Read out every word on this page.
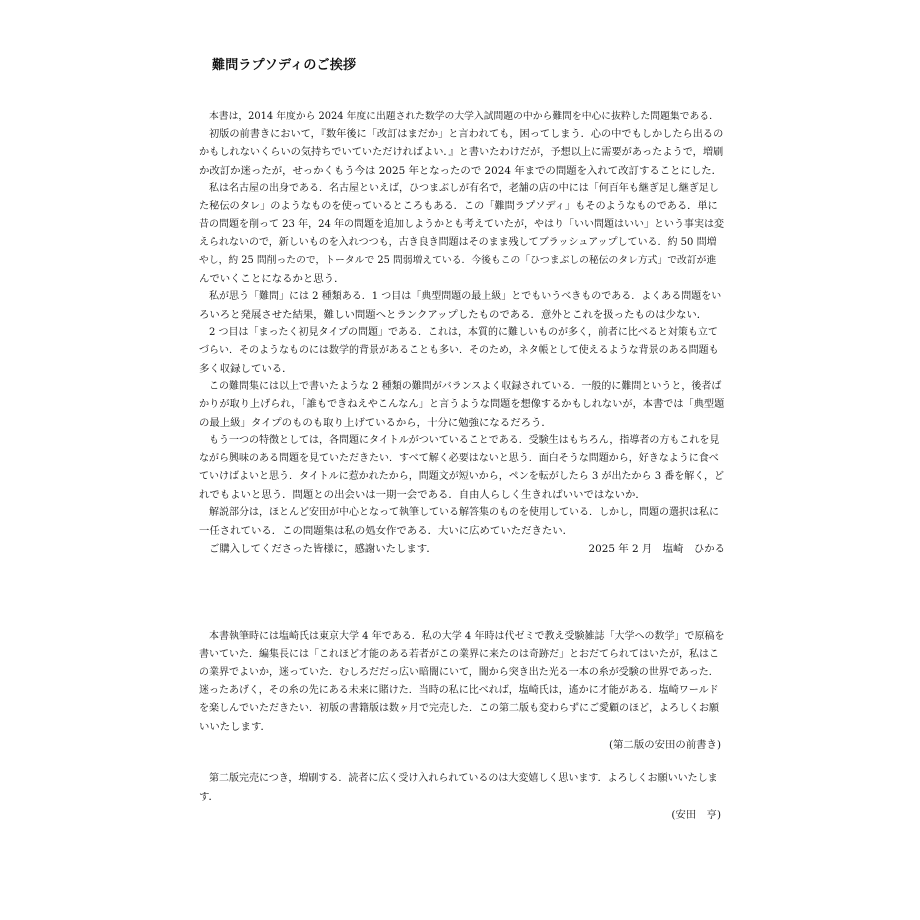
難問ラプソディのご挨拶
本書は，2014 年度から 2024 年度に出題された数学の大学入試問題の中から難問を中心に抜粋した問題集である．
初版の前書きにおいて，『数年後に「改訂はまだか」と言われても，困ってしまう．心の中でもしかしたら出るの
かもしれないくらいの気持ちでいていただければよい．』と書いたわけだが，予想以上に需要があったようで，増刷
か改訂か迷ったが，せっかくもう今は 2025 年となったので 2024 年までの問題を入れて改訂することにした．
私は名古屋の出身である．名古屋といえば，ひつまぶしが有名で，老舗の店の中には「何百年も継ぎ足し継ぎ足し
た秘伝のタレ」のようなものを使っているところもある．この「難問ラプソディ」もそのようなものである．単に
昔の問題を削って 23 年，24 年の問題を追加しようかとも考えていたが，やはり「いい問題はいい」という事実は変
えられないので，新しいものを入れつつも，古き良き問題はそのまま残してブラッシュアップしている．約 50 問増
やし，約 25 問削ったので，トータルで 25 問弱増えている．今後もこの「ひつまぶしの秘伝のタレ方式」で改訂が進
んでいくことになるかと思う．
私が思う「難問」には 2 種類ある．1 つ目は「典型問題の最上級」とでもいうべきものである．よくある問題をい
ろいろと発展させた結果，難しい問題へとランクアップしたものである．意外とこれを扱ったものは少ない．
2 つ目は「まったく初見タイプの問題」である．これは，本質的に難しいものが多く，前者に比べると対策も立て
づらい．そのようなものには数学的背景があることも多い．そのため，ネタ帳として使えるような背景のある問題も
多く収録している．
この難問集には以上で書いたような 2 種類の難問がバランスよく収録されている．一般的に難問というと，後者ば
かりが取り上げられ，「誰もできねえやこんなん」と言うような問題を想像するかもしれないが，本書では「典型題
の最上級」タイプのものも取り上げているから，十分に勉強になるだろう．
もう一つの特徴としては，各問題にタイトルがついていることである．受験生はもちろん，指導者の方もこれを見
ながら興味のある問題を見ていただきたい．すべて解く必要はないと思う．面白そうな問題から，好きなように食べ
ていけばよいと思う．タイトルに惹かれたから，問題文が短いから，ペンを転がしたら 3 が出たから 3 番を解く，ど
れでもよいと思う．問題との出会いは一期一会である．自由人らしく生きればいいではないか．
解説部分は，ほとんど安田が中心となって執筆している解答集のものを使用している．しかし，問題の選択は私に
一任されている．この問題集は私の処女作である．大いに広めていただきたい．
ご購入してくださった皆様に，感謝いたします．	2025 年 2 月　塩崎　ひかる
本書執筆時には塩崎氏は東京大学 4 年である．私の大学 4 年時は代ゼミで教え受験雑誌「大学への数学」で原稿を
書いていた．編集長には「これほど才能のある若者がこの業界に来たのは奇跡だ」とおだてられてはいたが，私はこ
の業界でよいか，迷っていた．むしろだだっ広い暗闇にいて，闇から突き出た光る一本の糸が受験の世界であった．
迷ったあげく，その糸の先にある未来に賭けた．当時の私に比べれば，塩崎氏は，遙かに才能がある．塩崎ワールド
を楽しんでいただきたい．初版の書籍版は数ヶ月で完売した．この第二版も変わらずにご愛顧のほど，よろしくお願
いいたします．
(第二版の安田の前書き)
第二版完売につき，増刷する．読者に広く受け入れられているのは大変嬉しく思います．よろしくお願いいたしま
す．
(安田　亨)
